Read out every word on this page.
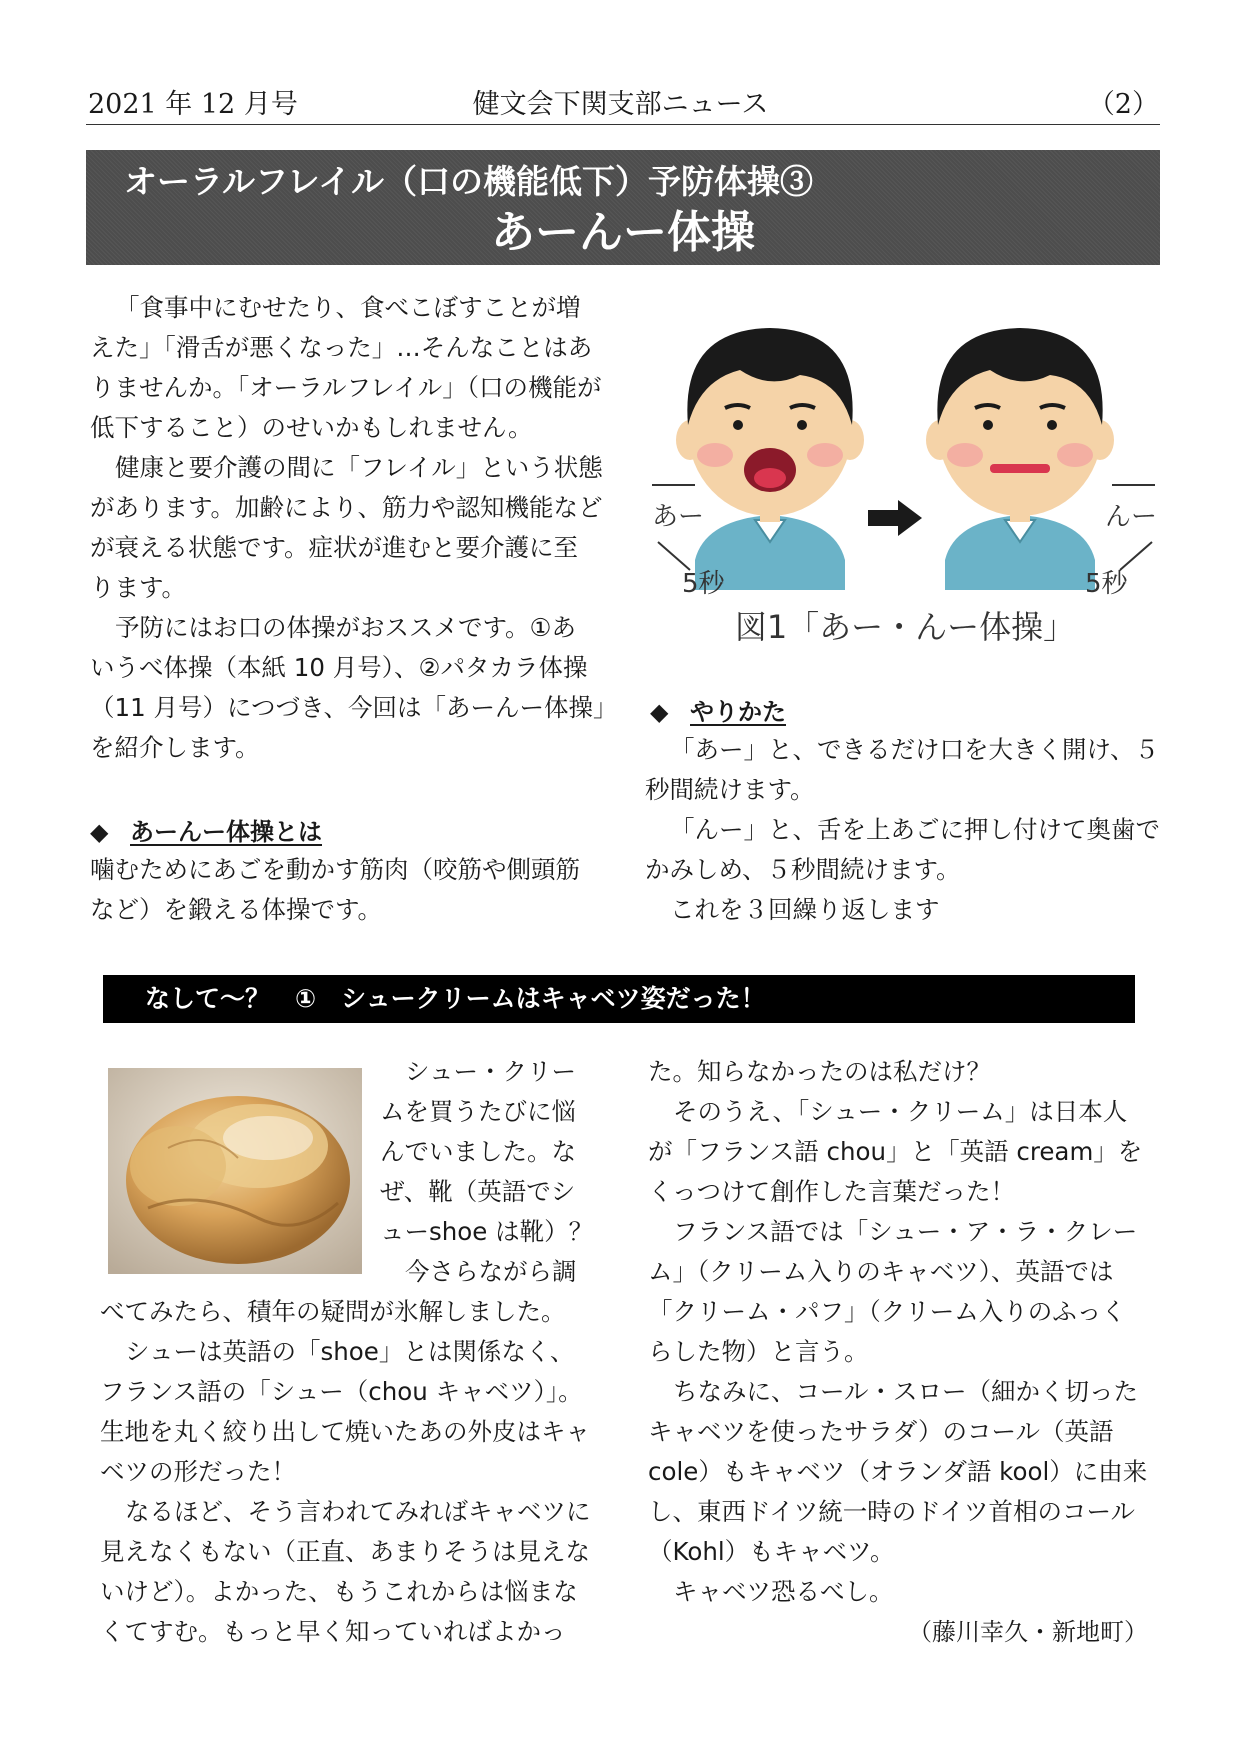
2021 年 12 月号	健文会下関支部ニュース	（2）
オーラルフレイル（口の機能低下）予防体操③
あーんー体操

「食事中にむせたり、食べこぼすことが増

えた」「滑舌が悪くなった」…そんなことはあ

りませんか。「オーラルフレイル」（口の機能が

低下すること）のせいかもしれません。

健康と要介護の間に「フレイル」という状態

があります。加齢により、筋力や認知機能など

が衰える状態です。症状が進むと要介護に至

ります。

予防にはお口の体操がおススメです。①あ

いうべ体操（本紙 10 月号）、②パタカラ体操

（11 月号）につづき、今回は「あーんー体操」

を紹介します。

◆ あーんー体操とは

噛むためにあごを動かす筋肉（咬筋や側頭筋

など）を鍛える体操です。

あー
5秒
んー
5秒
図1「あー・んー体操」
◆ やりかた

「あー」と、できるだけ口を大きく開け、５

秒間続けます。

「んー」と、舌を上あごに押し付けて奥歯で

かみしめ、５秒間続けます。

これを３回繰り返します

なして～？　①　シュークリームはキャベツ姿だった！

シュー・クリー

ムを買うたびに悩

んでいました。な

ぜ、靴（英語でシ

ューshoe は靴）？

今さらながら調

べてみたら、積年の疑問が氷解しました。

シューは英語の「shoe」とは関係なく、

フランス語の「シュー（chou キャベツ）」。

生地を丸く絞り出して焼いたあの外皮はキャ

ベツの形だった！

なるほど、そう言われてみればキャベツに

見えなくもない（正直、あまりそうは見えな

いけど）。よかった、もうこれからは悩まな

くてすむ。もっと早く知っていればよかっ

た。知らなかったのは私だけ？

そのうえ、「シュー・クリーム」は日本人

が「フランス語 chou」と「英語 cream」を

くっつけて創作した言葉だった！

フランス語では「シュー・ア・ラ・クレー

ム」（クリーム入りのキャベツ）、英語では

「クリーム・パフ」（クリーム入りのふっく

らした物）と言う。

ちなみに、コール・スロー（細かく切った

キャベツを使ったサラダ）のコール（英語

cole）もキャベツ（オランダ語 kool）に由来

し、東西ドイツ統一時のドイツ首相のコール

（Kohl）もキャベツ。

キャベツ恐るべし。

（藤川幸久・新地町）
